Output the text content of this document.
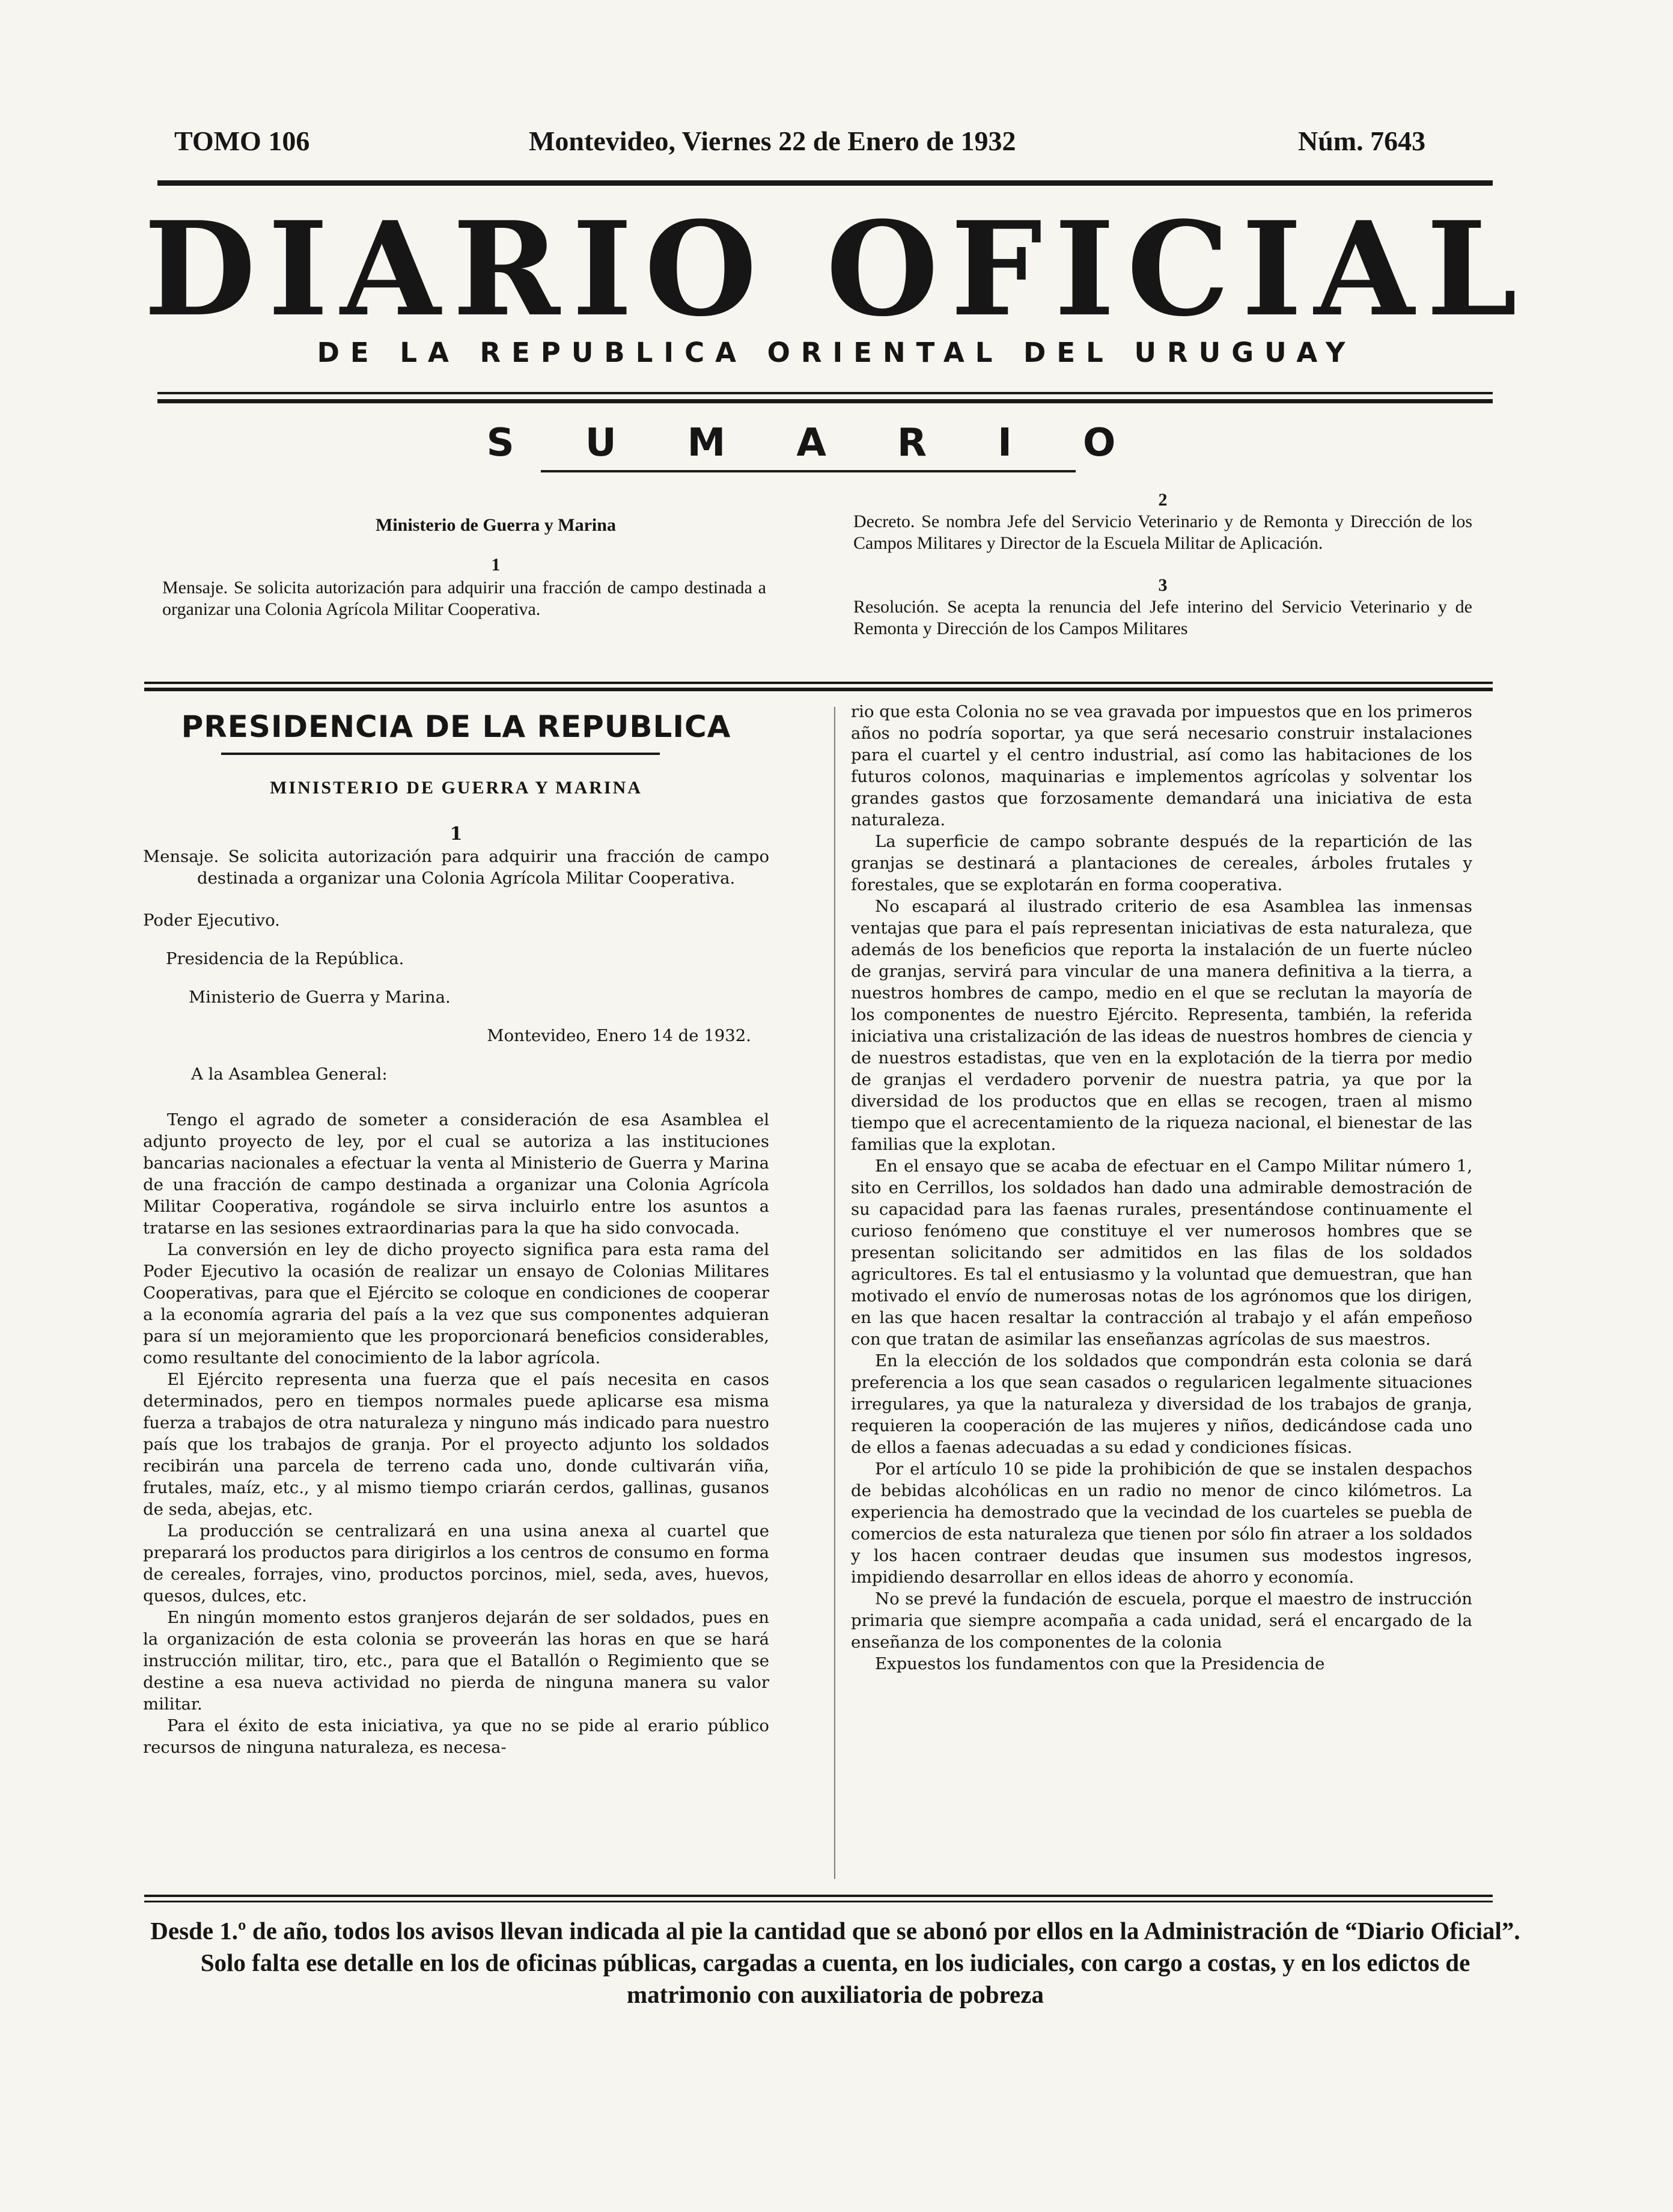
TOMO 106	Montevideo, Viernes 22 de Enero de 1932	Núm. 7643
DIARIO OFICIAL
DE LA REPUBLICA ORIENTAL DEL URUGUAY
SUMARIO
Ministerio de Guerra y Marina
1
Mensaje. Se solicita autorización para adquirir una fracción de campo destinada a organizar una Colonia Agrícola Militar Cooperativa.
2
Decreto. Se nombra Jefe del Servicio Veterinario y de Remonta y Dirección de los Campos Militares y Director de la Escuela Militar de Aplicación.
3
Resolución. Se acepta la renuncia del Jefe interino del Servicio Veterinario y de Remonta y Dirección de los Campos Militares
PRESIDENCIA DE LA REPUBLICA
MINISTERIO DE GUERRA Y MARINA
1
Mensaje. Se solicita autorización para adquirir una fracción de campo destinada a organizar una Colonia Agrícola Militar Cooperativa.
Poder Ejecutivo.
Presidencia de la República.
Ministerio de Guerra y Marina.
Montevideo, Enero 14 de 1932.
A la Asamblea General:

Tengo el agrado de someter a consideración de esa Asamblea el adjunto proyecto de ley, por el cual se autoriza a las instituciones bancarias nacionales a efectuar la venta al Ministerio de Guerra y Marina de una fracción de campo destinada a organizar una Colonia Agrícola Militar Cooperativa, rogándole se sirva incluirlo entre los asuntos a tratarse en las sesiones extraordinarias para la que ha sido convocada.

La conversión en ley de dicho proyecto significa para esta rama del Poder Ejecutivo la ocasión de realizar un ensayo de Colonias Militares Cooperativas, para que el Ejército se coloque en condiciones de cooperar a la economía agraria del país a la vez que sus componentes adquieran para sí un mejoramiento que les proporcionará beneficios considerables, como resultante del conocimiento de la labor agrícola.

El Ejército representa una fuerza que el país necesita en casos determinados, pero en tiempos normales puede aplicarse esa misma fuerza a trabajos de otra naturaleza y ninguno más indicado para nuestro país que los trabajos de granja. Por el proyecto adjunto los soldados recibirán una parcela de terreno cada uno, donde cultivarán viña, frutales, maíz, etc., y al mismo tiempo criarán cerdos, gallinas, gusanos de seda, abejas, etc.

La producción se centralizará en una usina anexa al cuartel que preparará los productos para dirigirlos a los centros de consumo en forma de cereales, forrajes, vino, productos porcinos, miel, seda, aves, huevos, quesos, dulces, etc.

En ningún momento estos granjeros dejarán de ser soldados, pues en la organización de esta colonia se proveerán las horas en que se hará instrucción militar, tiro, etc., para que el Batallón o Regimiento que se destine a esa nueva actividad no pierda de ninguna manera su valor militar.

Para el éxito de esta iniciativa, ya que no se pide al erario público recursos de ninguna naturaleza, es necesa-

rio que esta Colonia no se vea gravada por impuestos que en los primeros años no podría soportar, ya que será necesario construir instalaciones para el cuartel y el centro industrial, así como las habitaciones de los futuros colonos, maquinarias e implementos agrícolas y solventar los grandes gastos que forzosamente demandará una iniciativa de esta naturaleza.

La superficie de campo sobrante después de la repartición de las granjas se destinará a plantaciones de cereales, árboles frutales y forestales, que se explotarán en forma cooperativa.

No escapará al ilustrado criterio de esa Asamblea las inmensas ventajas que para el país representan iniciativas de esta naturaleza, que además de los beneficios que reporta la instalación de un fuerte núcleo de granjas, servirá para vincular de una manera definitiva a la tierra, a nuestros hombres de campo, medio en el que se reclutan la mayoría de los componentes de nuestro Ejército. Representa, también, la referida iniciativa una cristalización de las ideas de nuestros hombres de ciencia y de nuestros estadistas, que ven en la explotación de la tierra por medio de granjas el verdadero porvenir de nuestra patria, ya que por la diversidad de los productos que en ellas se recogen, traen al mismo tiempo que el acrecentamiento de la riqueza nacional, el bienestar de las familias que la explotan.

En el ensayo que se acaba de efectuar en el Campo Militar número 1, sito en Cerrillos, los soldados han dado una admirable demostración de su capacidad para las faenas rurales, presentándose continuamente el curioso fenómeno que constituye el ver numerosos hombres que se presentan solicitando ser admitidos en las filas de los soldados agricultores. Es tal el entusiasmo y la voluntad que demuestran, que han motivado el envío de numerosas notas de los agrónomos que los dirigen, en las que hacen resaltar la contracción al trabajo y el afán empeñoso con que tratan de asimilar las enseñanzas agrícolas de sus maestros.

En la elección de los soldados que compondrán esta colonia se dará preferencia a los que sean casados o regularicen legalmente situaciones irregulares, ya que la naturaleza y diversidad de los trabajos de granja, requieren la cooperación de las mujeres y niños, dedicándose cada uno de ellos a faenas adecuadas a su edad y condiciones físicas.

Por el artículo 10 se pide la prohibición de que se instalen despachos de bebidas alcohólicas en un radio no menor de cinco kilómetros. La experiencia ha demostrado que la vecindad de los cuarteles se puebla de comercios de esta naturaleza que tienen por sólo fin atraer a los soldados y los hacen contraer deudas que insumen sus modestos ingresos, impidiendo desarrollar en ellos ideas de ahorro y economía.

No se prevé la fundación de escuela, porque el maestro de instrucción primaria que siempre acompaña a cada unidad, será el encargado de la enseñanza de los componentes de la colonia

Expuestos los fundamentos con que la Presidencia de

Desde 1.º de año, todos los avisos llevan indicada al pie la cantidad que se abonó por ellos en la Administración de “Diario Oficial”. Solo falta ese detalle en los de oficinas públicas, cargadas a cuenta, en los iudiciales, con cargo a costas, y en los edictos de matrimonio con auxiliatoria de pobreza
